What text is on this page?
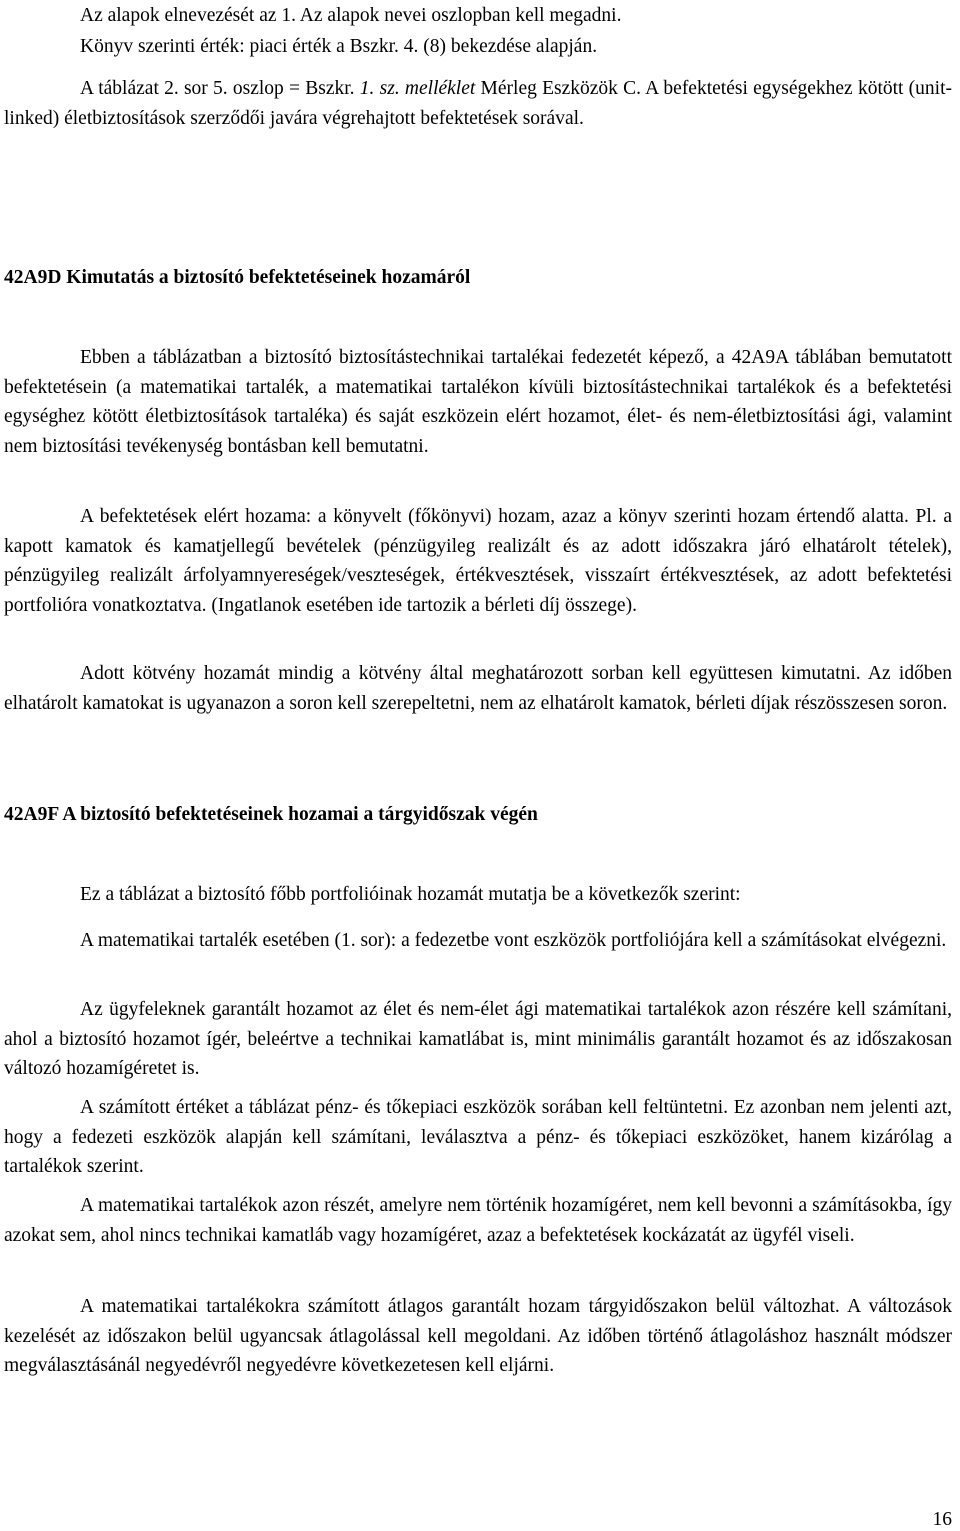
Az alapok elnevezését az 1. Az alapok nevei oszlopban kell megadni.
Könyv szerinti érték: piaci érték a Bszkr. 4. (8) bekezdése alapján.
A táblázat 2. sor 5. oszlop = Bszkr. 1. sz. melléklet Mérleg Eszközök C. A befektetési egységekhez kötött (unit-linked) életbiztosítások szerződői javára végrehajtott befektetések sorával.
42A9D Kimutatás a biztosító befektetéseinek hozamáról
Ebben a táblázatban a biztosító biztosítástechnikai tartalékai fedezetét képező, a 42A9A táblában bemutatott befektetésein (a matematikai tartalék, a matematikai tartalékon kívüli biztosítástechnikai tartalékok és a befektetési egységhez kötött életbiztosítások tartaléka) és saját eszközein elért hozamot, élet- és nem-életbiztosítási ági, valamint nem biztosítási tevékenység bontásban kell bemutatni.
A befektetések elért hozama: a könyvelt (főkönyvi) hozam, azaz a könyv szerinti hozam értendő alatta. Pl. a kapott kamatok és kamatjellegű bevételek (pénzügyileg realizált és az adott időszakra járó elhatárolt tételek), pénzügyileg realizált árfolyamnyereségek/veszteségek, értékvesztések, visszaírt értékvesztések, az adott befektetési portfolióra vonatkoztatva. (Ingatlanok esetében ide tartozik a bérleti díj összege).
Adott kötvény hozamát mindig a kötvény által meghatározott sorban kell együttesen kimutatni. Az időben elhatárolt kamatokat is ugyanazon a soron kell szerepeltetni, nem az elhatárolt kamatok, bérleti díjak részösszesen soron.
42A9F A biztosító befektetéseinek hozamai a tárgyidőszak végén
Ez a táblázat a biztosító főbb portfolióinak hozamát mutatja be a következők szerint:
A matematikai tartalék esetében (1. sor): a fedezetbe vont eszközök portfoliójára kell a számításokat elvégezni.
Az ügyfeleknek garantált hozamot az élet és nem-élet ági matematikai tartalékok azon részére kell számítani, ahol a biztosító hozamot ígér, beleértve a technikai kamatlábat is, mint minimális garantált hozamot és az időszakosan változó hozamígéretet is.
A számított értéket a táblázat pénz- és tőkepiaci eszközök sorában kell feltüntetni. Ez azonban nem jelenti azt, hogy a fedezeti eszközök alapján kell számítani, leválasztva a pénz- és tőkepiaci eszközöket, hanem kizárólag a tartalékok szerint.
A matematikai tartalékok azon részét, amelyre nem történik hozamígéret, nem kell bevonni a számításokba, így azokat sem, ahol nincs technikai kamatláb vagy hozamígéret, azaz a befektetések kockázatát az ügyfél viseli.
A matematikai tartalékokra számított átlagos garantált hozam tárgyidőszakon belül változhat. A változások kezelését az időszakon belül ugyancsak átlagolással kell megoldani. Az időben történő átlagoláshoz használt módszer megválasztásánál negyedévről negyedévre következetesen kell eljárni.
16
